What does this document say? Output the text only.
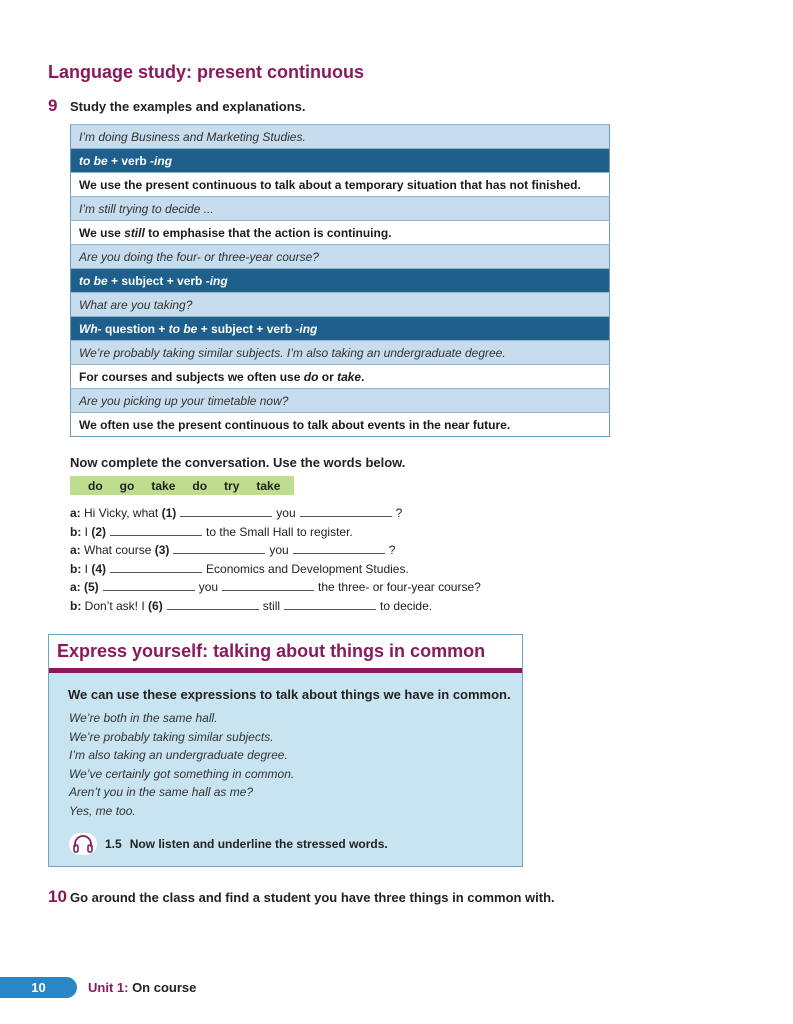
Language study: present continuous
9 Study the examples and explanations.
I’m doing Business and Marketing Studies.
to be + verb -ing
We use the present continuous to talk about a temporary situation that has not finished.
I’m still trying to decide ...
We use still to emphasise that the action is continuing.
Are you doing the four- or three-year course?
to be + subject + verb -ing
What are you taking?
Wh- question + to be + subject + verb -ing
We’re probably taking similar subjects. I’m also taking an undergraduate degree.
For courses and subjects we often use do or take.
Are you picking up your timetable now?
We often use the present continuous to talk about events in the near future.
Now complete the conversation. Use the words below.
do go take do try take
a: Hi Vicky, what (1)	you	?
b: I (2)	to the Small Hall to register.
a: What course (3)	you	?
b: I (4)	Economics and Development Studies.
a: (5)	you	the three- or four-year course?
b: Don’t ask! I (6)	still	to decide.
Express yourself: talking about things in common
We can use these expressions to talk about things we have in common.
We’re both in the same hall.
We’re probably taking similar subjects.
I’m also taking an undergraduate degree.
We’ve certainly got something in common.
Aren’t you in the same hall as me?
Yes, me too.
1.5 Now listen and underline the stressed words.
10 Go around the class and find a student you have three things in common with.
10	Unit 1: On course
